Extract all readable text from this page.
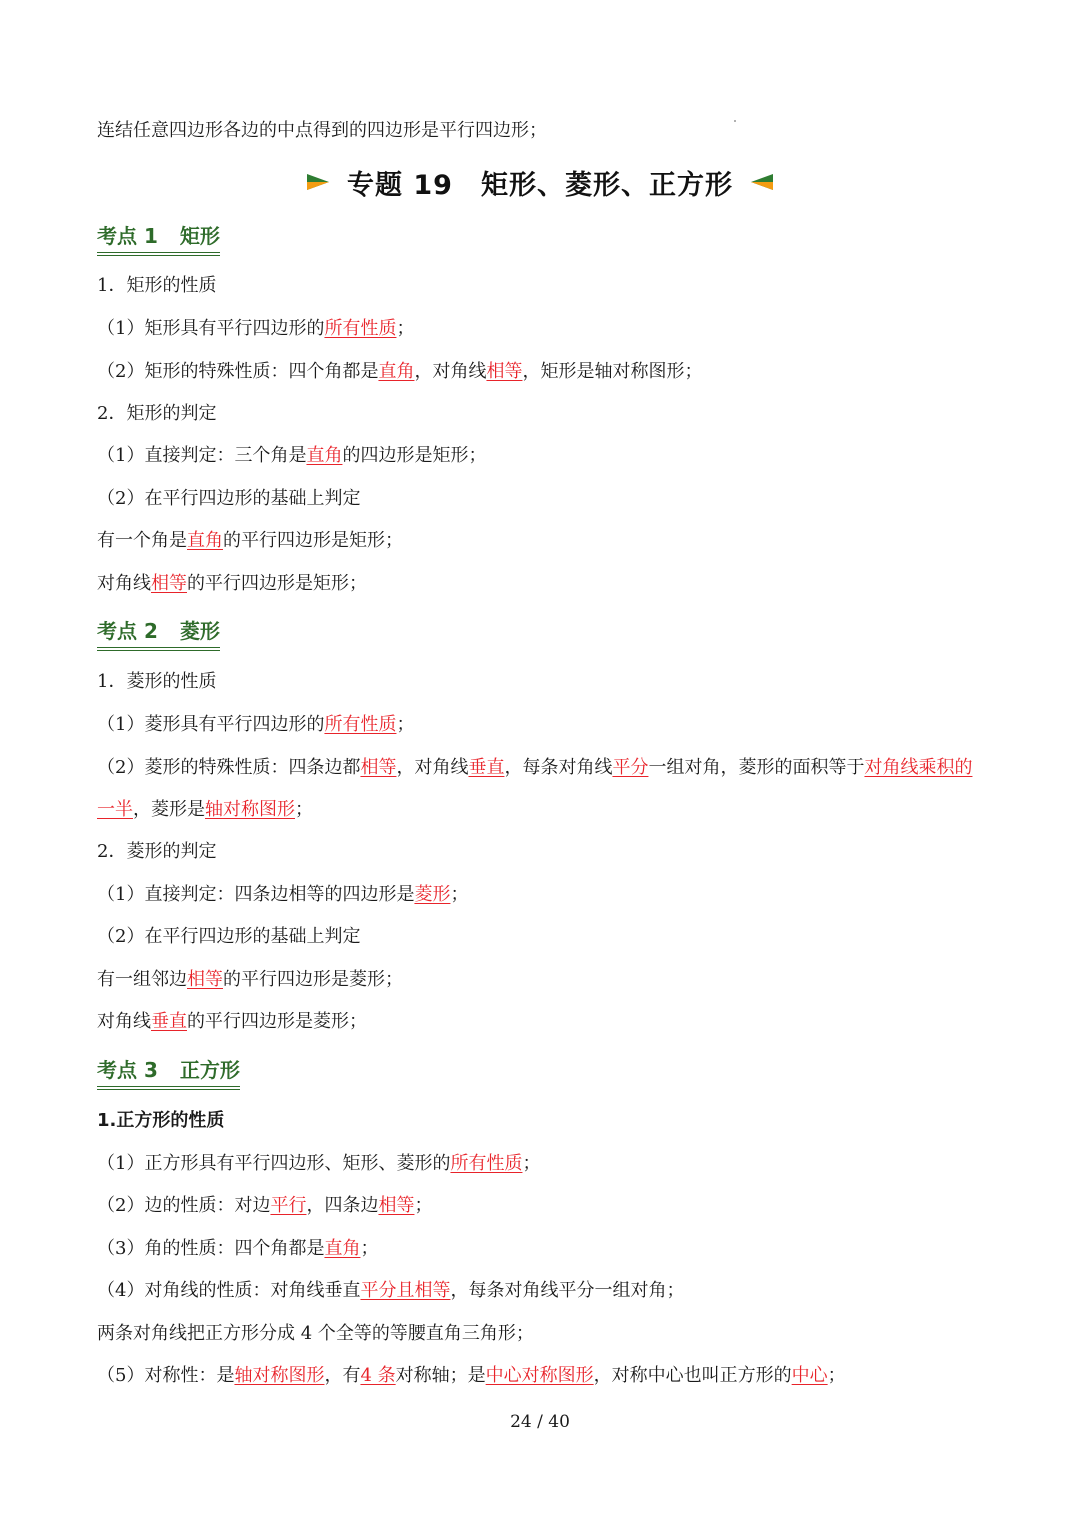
连结任意四边形各边的中点得到的四边形是平行四边形；
专题 19 矩形、菱形、正方形
考点 1 矩形
1．矩形的性质
（1）矩形具有平行四边形的所有性质；
（2）矩形的特殊性质：四个角都是直角，对角线相等，矩形是轴对称图形；
2．矩形的判定
（1）直接判定：三个角是直角的四边形是矩形；
（2）在平行四边形的基础上判定
有一个角是直角的平行四边形是矩形；
对角线相等的平行四边形是矩形；
考点 2 菱形
1．菱形的性质
（1）菱形具有平行四边形的所有性质；
（2）菱形的特殊性质：四条边都相等，对角线垂直，每条对角线平分一组对角，菱形的面积等于对角线乘积的一半，菱形是轴对称图形；
2．菱形的判定
（1）直接判定：四条边相等的四边形是菱形；
（2）在平行四边形的基础上判定
有一组邻边相等的平行四边形是菱形；
对角线垂直的平行四边形是菱形；
考点 3 正方形
1.正方形的性质
（1）正方形具有平行四边形、矩形、菱形的所有性质；
（2）边的性质：对边平行，四条边相等；
（3）角的性质：四个角都是直角；
（4）对角线的性质：对角线垂直平分且相等，每条对角线平分一组对角；
两条对角线把正方形分成 4 个全等的等腰直角三角形；
（5）对称性：是轴对称图形，有4 条对称轴；是中心对称图形，对称中心也叫正方形的中心；
24 / 40
